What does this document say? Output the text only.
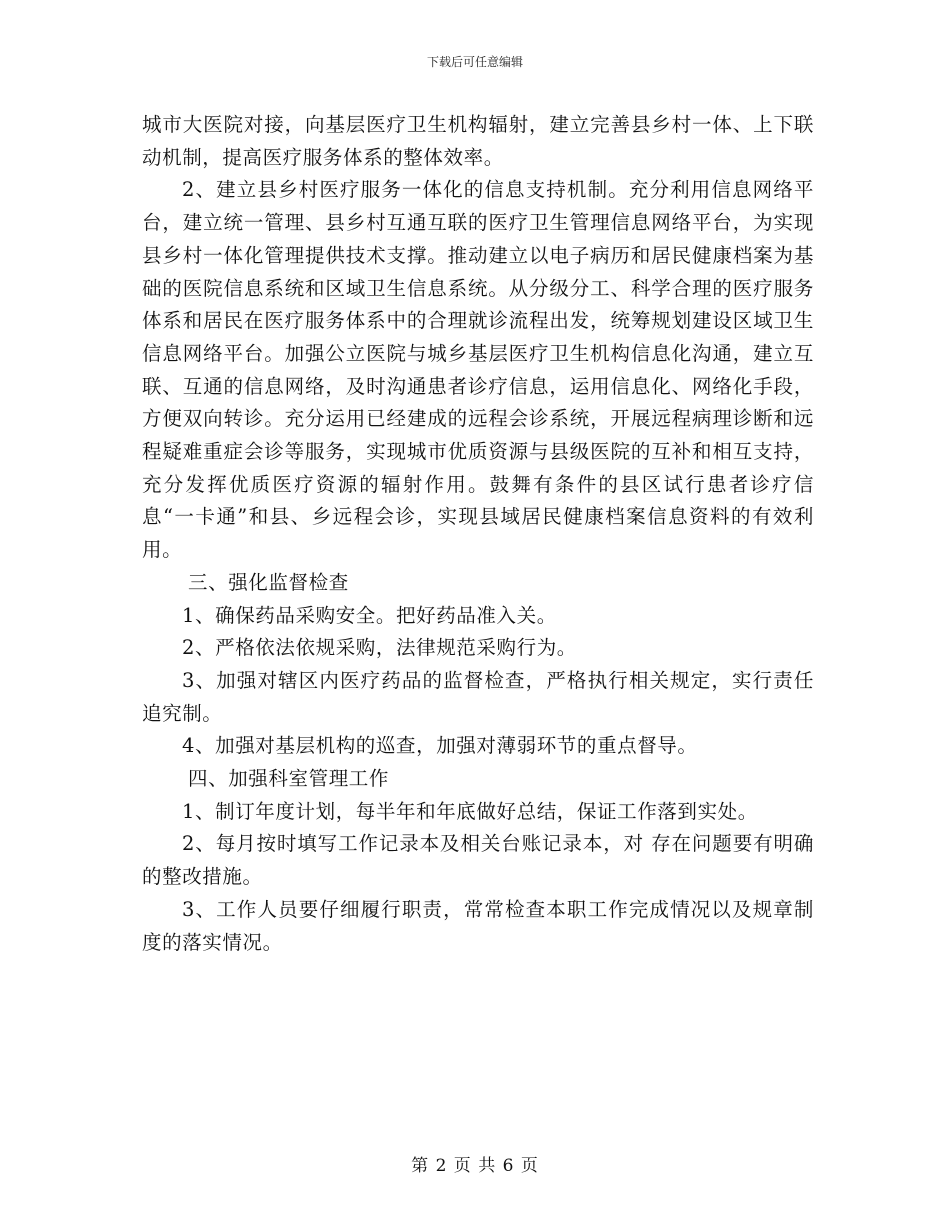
下载后可任意编辑

城市大医院对接，向基层医疗卫生机构辐射，建立完善县乡村一体、上下联动机制，提高医疗服务体系的整体效率。

2、建立县乡村医疗服务一体化的信息支持机制。充分利用信息网络平台，建立统一管理、县乡村互通互联的医疗卫生管理信息网络平台，为实现县乡村一体化管理提供技术支撑。推动建立以电子病历和居民健康档案为基础的医院信息系统和区域卫生信息系统。从分级分工、科学合理的医疗服务体系和居民在医疗服务体系中的合理就诊流程出发，统筹规划建设区域卫生信息网络平台。加强公立医院与城乡基层医疗卫生机构信息化沟通，建立互联、互通的信息网络，及时沟通患者诊疗信息，运用信息化、网络化手段，方便双向转诊。充分运用已经建成的远程会诊系统，开展远程病理诊断和远程疑难重症会诊等服务，实现城市优质资源与县级医院的互补和相互支持，充分发挥优质医疗资源的辐射作用。鼓舞有条件的县区试行患者诊疗信息“一卡通”和县、乡远程会诊，实现县域居民健康档案信息资料的有效利用。

三、强化监督检查

1、确保药品采购安全。把好药品准入关。

2、严格依法依规采购，法律规范采购行为。

3、加强对辖区内医疗药品的监督检查，严格执行相关规定，实行责任追究制。

4、加强对基层机构的巡查，加强对薄弱环节的重点督导。

四、加强科室管理工作

1、制订年度计划，每半年和年底做好总结，保证工作落到实处。

2、每月按时填写工作记录本及相关台账记录本，对 存在问题要有明确的整改措施。

3、工作人员要仔细履行职责，常常检查本职工作完成情况以及规章制度的落实情况。

第 2 页 共 6 页
